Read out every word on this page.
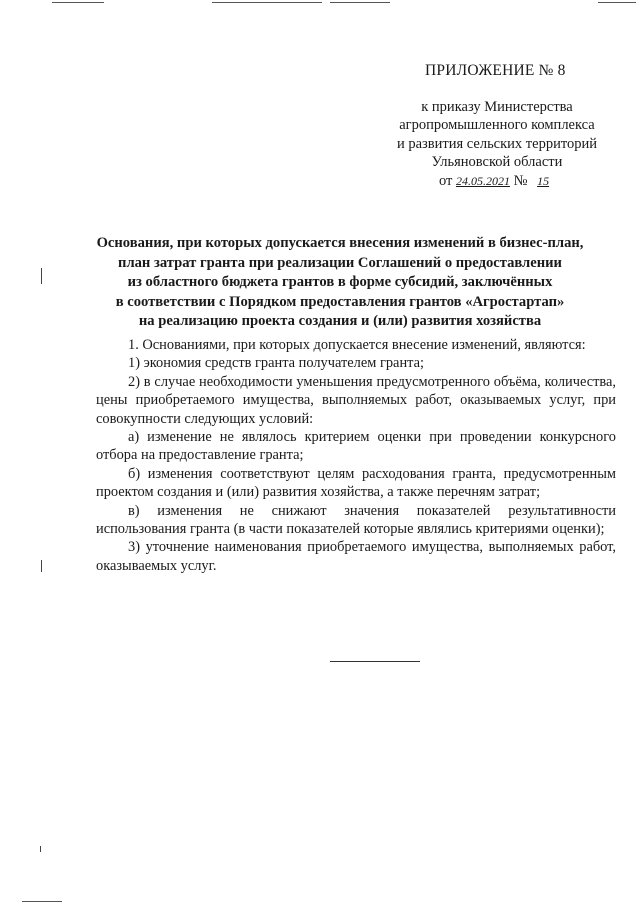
ПРИЛОЖЕНИЕ № 8
к приказу Министерства
агропромышленного комплекса
и развития сельских территорий
Ульяновской области
от 24.05.2021 № 15
Основания, при которых допускается внесения изменений в бизнес-план,
план затрат гранта при реализации Соглашений о предоставлении
из областного бюджета грантов в форме субсидий, заключённых
в соответствии с Порядком предоставления грантов «Агростартап»
на реализацию проекта создания и (или) развития хозяйства

1. Основаниями, при которых допускается внесение изменений, являются:

1) экономия средств гранта получателем гранта;

2) в случае необходимости уменьшения предусмотренного объёма, количества, цены приобретаемого имущества, выполняемых работ, оказываемых услуг, при совокупности следующих условий:

а) изменение не являлось критерием оценки при проведении конкурсного отбора на предоставление гранта;

б) изменения соответствуют целям расходования гранта, предусмотренным проектом создания и (или) развития хозяйства, а также перечням затрат;

в) изменения не снижают значения показателей результативности использования гранта (в части показателей которые являлись критериями оценки);

3) уточнение наименования приобретаемого имущества, выполняемых работ, оказываемых услуг.
